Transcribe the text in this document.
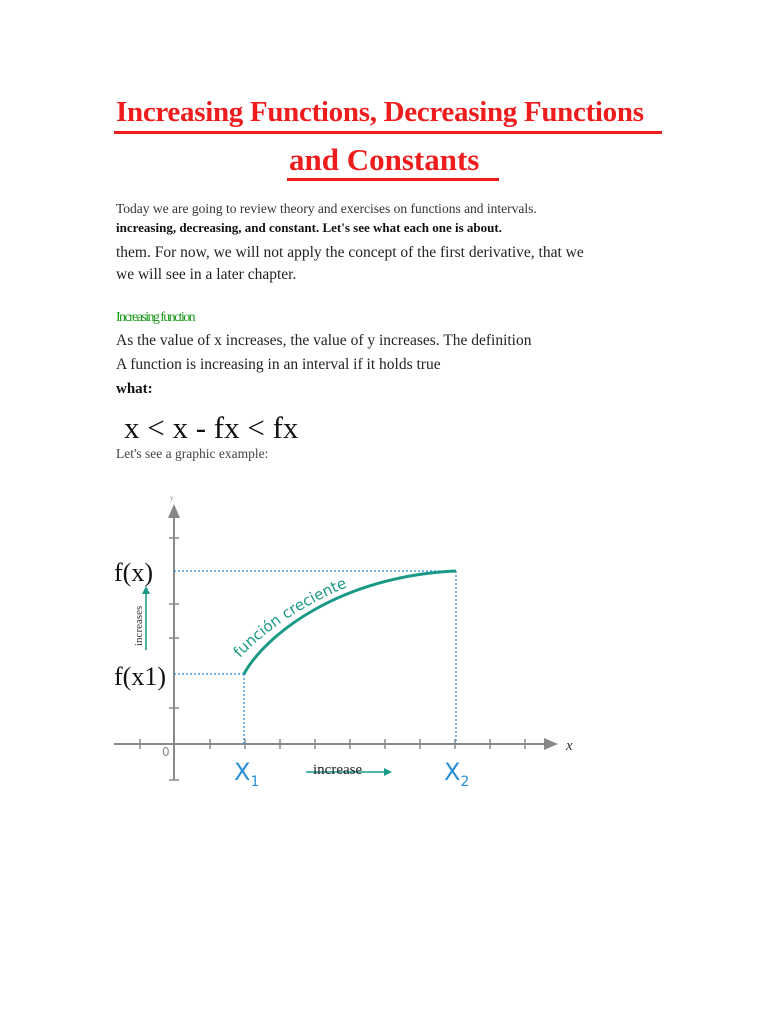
Increasing Functions, Decreasing Functions
and Constants
Today we are going to review theory and exercises on functions and intervals.
increasing, decreasing, and constant. Let's see what each one is about.
them. For now, we will not apply the concept of the first derivative, that we
we will see in a later chapter.
Increasing function
As the value of x increases, the value of y increases. The definition
A function is increasing in an interval if it holds true
what:
x < x - fx < fx
Let's see a graphic example:
función creciente
increases
f(x)
f(x1)
x
y
0
$X_1$	$X_2$
increase
